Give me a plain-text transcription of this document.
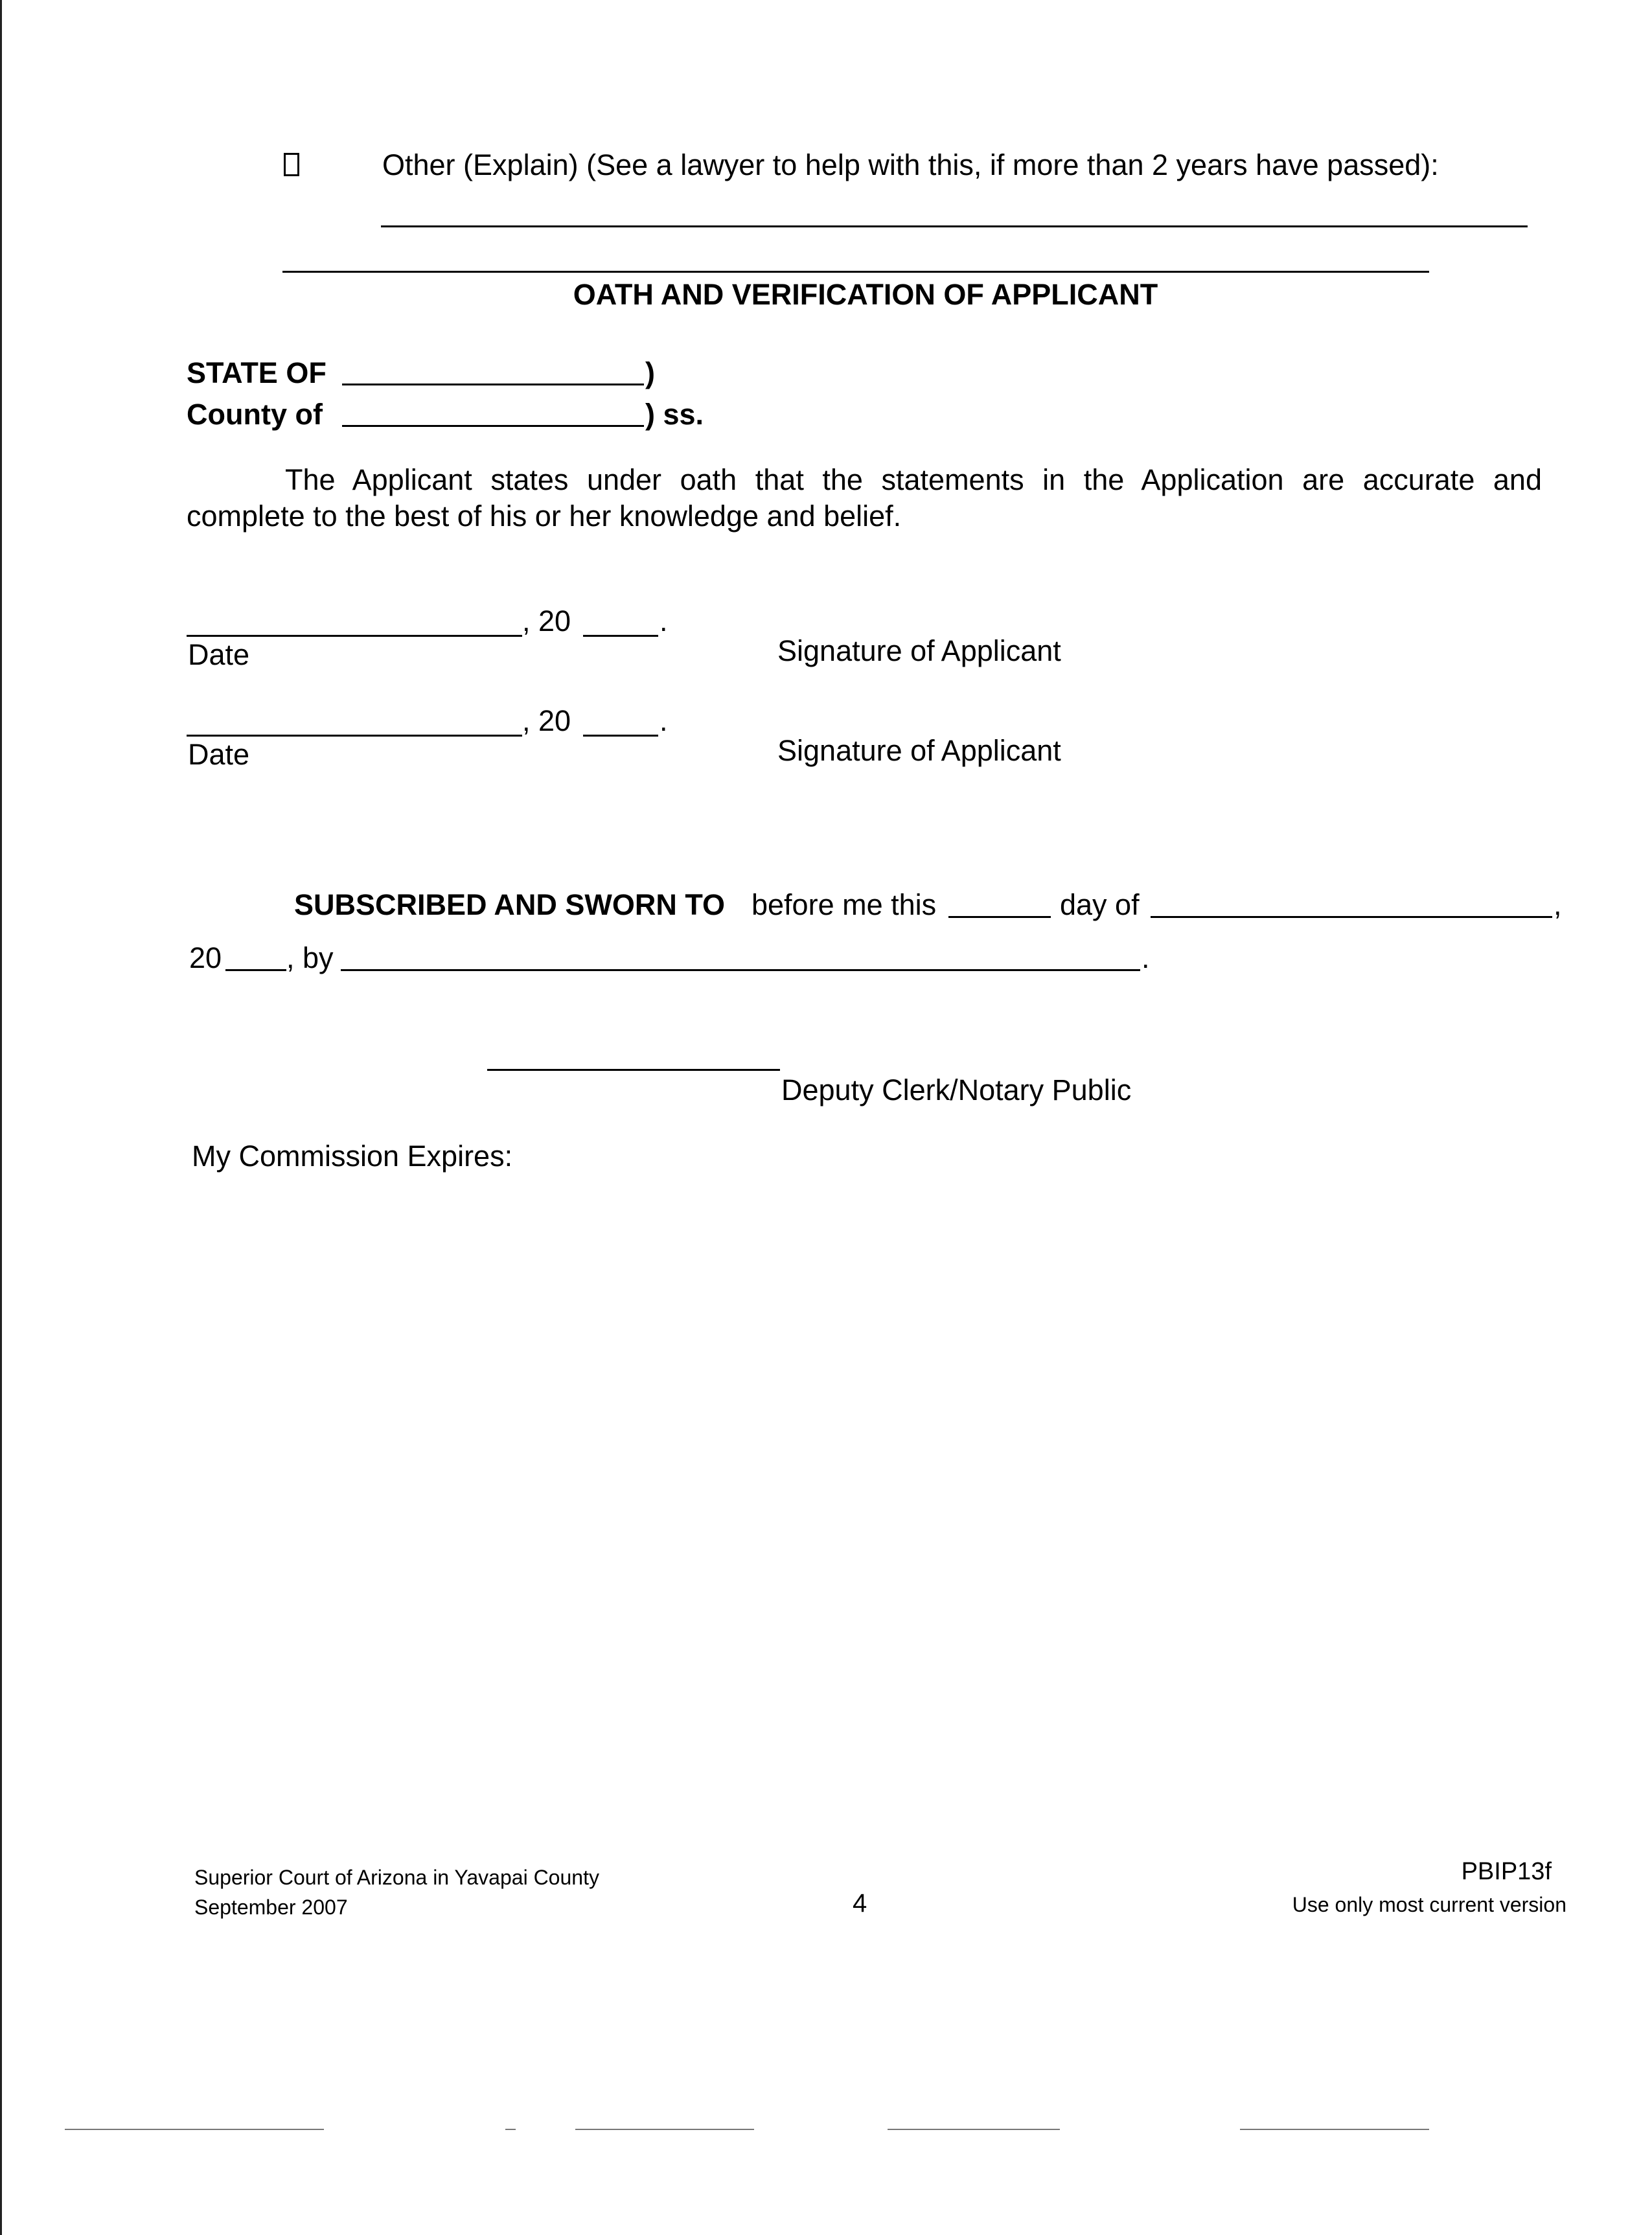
Other (Explain) (See a lawyer to help with this, if more than 2 years have passed):
OATH AND VERIFICATION OF APPLICANT
STATE OF	)
County of	) ss.
The Applicant states under oath that the statements in the Application are accurate and
complete to the best of his or her knowledge and belief.
, 20	.
Date	Signature of Applicant
, 20	.
Date	Signature of Applicant
SUBSCRIBED AND SWORN TO before me this	day of	,
20 , by	.
Deputy Clerk/Notary Public
My Commission Expires:
Superior Court of Arizona in Yavapai County
September 2007	4
PBIP13f
Use only most current version
